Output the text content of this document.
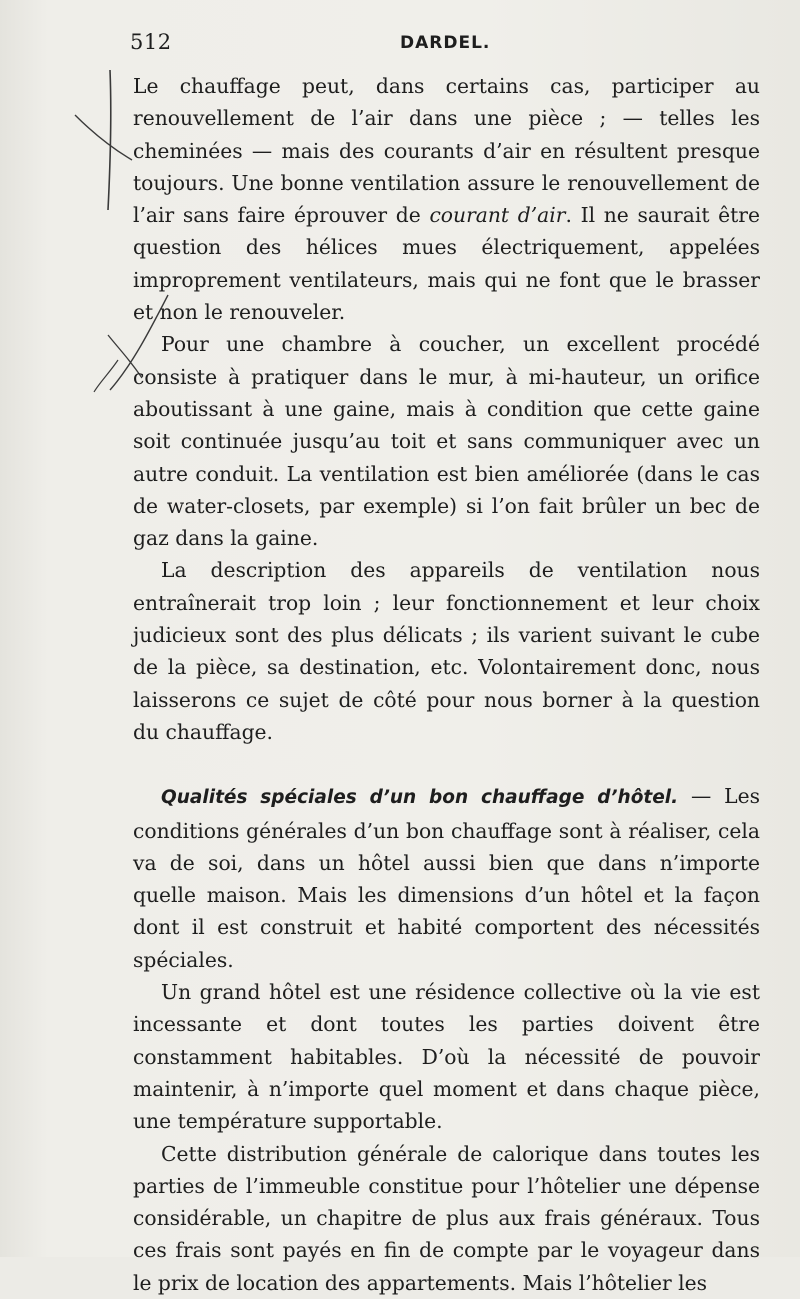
512	DARDEL.

Le chauffage peut, dans certains cas, participer au renouvellement de l’air dans une pièce ; — telles les cheminées — mais des courants d’air en résultent presque toujours. Une bonne ventilation assure le renouvellement de l’air sans faire éprouver de courant d’air. Il ne saurait être question des hélices mues électriquement, appelées improprement ventilateurs, mais qui ne font que le brasser et non le renouveler.

Pour une chambre à coucher, un excellent procédé consiste à pratiquer dans le mur, à mi-hauteur, un orifice aboutissant à une gaine, mais à condition que cette gaine soit continuée jusqu’au toit et sans communiquer avec un autre conduit. La ventilation est bien améliorée (dans le cas de water-closets, par exemple) si l’on fait brûler un bec de gaz dans la gaine.

La description des appareils de ventilation nous entraînerait trop loin ; leur fonctionnement et leur choix judicieux sont des plus délicats ; ils varient suivant le cube de la pièce, sa destination, etc. Volontairement donc, nous laisserons ce sujet de côté pour nous borner à la question du chauffage.

Qualités spéciales d’un bon chauffage d’hôtel. — Les conditions générales d’un bon chauffage sont à réaliser, cela va de soi, dans un hôtel aussi bien que dans n’importe quelle maison. Mais les dimensions d’un hôtel et la façon dont il est construit et habité comportent des nécessités spéciales.

Un grand hôtel est une résidence collective où la vie est incessante et dont toutes les parties doivent être constamment habitables. D’où la nécessité de pouvoir maintenir, à n’importe quel moment et dans chaque pièce, une température supportable.

Cette distribution générale de calorique dans toutes les parties de l’immeuble constitue pour l’hôtelier une dépense considérable, un chapitre de plus aux frais généraux. Tous ces frais sont payés en fin de compte par le voyageur dans le prix de location des appartements. Mais l’hôtelier les
